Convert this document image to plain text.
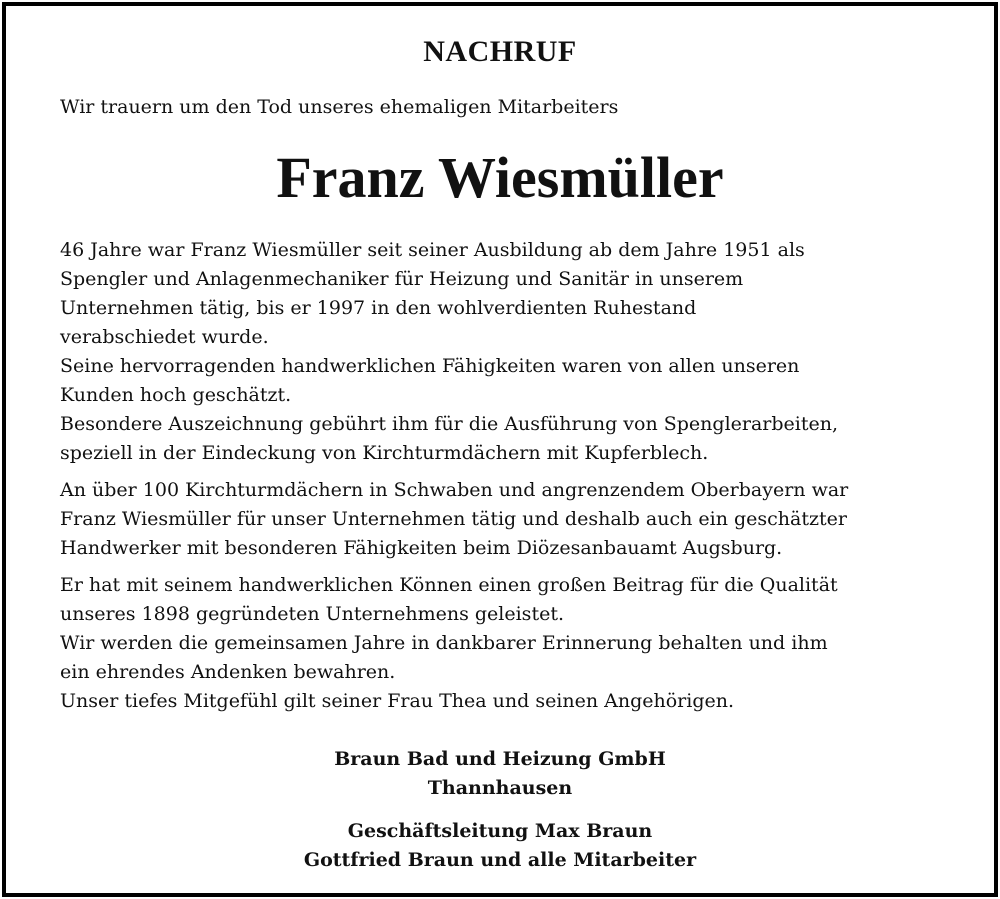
NACHRUF
Wir trauern um den Tod unseres ehemaligen Mitarbeiters
Franz Wiesmüller
46 Jahre war Franz Wiesmüller seit seiner Ausbildung ab dem Jahre 1951 als
Spengler und Anlagenmechaniker für Heizung und Sanitär in unserem
Unternehmen tätig, bis er 1997 in den wohlverdienten Ruhestand
verabschiedet wurde.
Seine hervorragenden handwerklichen Fähigkeiten waren von allen unseren
Kunden hoch geschätzt.
Besondere Auszeichnung gebührt ihm für die Ausführung von Spenglerarbeiten,
speziell in der Eindeckung von Kirchturmdächern mit Kupferblech.
An über 100 Kirchturmdächern in Schwaben und angrenzendem Oberbayern war
Franz Wiesmüller für unser Unternehmen tätig und deshalb auch ein geschätzter
Handwerker mit besonderen Fähigkeiten beim Diözesanbauamt Augsburg.
Er hat mit seinem handwerklichen Können einen großen Beitrag für die Qualität
unseres 1898 gegründeten Unternehmens geleistet.
Wir werden die gemeinsamen Jahre in dankbarer Erinnerung behalten und ihm
ein ehrendes Andenken bewahren.
Unser tiefes Mitgefühl gilt seiner Frau Thea und seinen Angehörigen.
Braun Bad und Heizung GmbH
Thannhausen
Geschäftsleitung Max Braun
Gottfried Braun und alle Mitarbeiter
